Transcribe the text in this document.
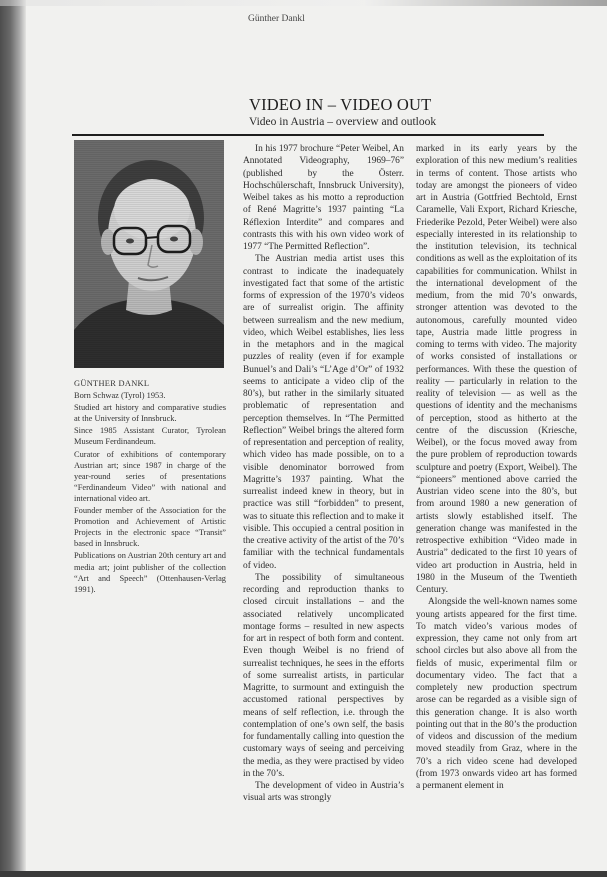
Günther Dankl
VIDEO IN – VIDEO OUT
Video in Austria – overview and outlook

GÜNTHER DANKL

Born Schwaz (Tyrol) 1953.

Studied art history and comparative studies at the University of Innsbruck.

Since 1985 Assistant Curator, Tyrolean Museum Ferdinandeum.

Curator of exhibitions of contemporary Austrian art; since 1987 in charge of the year-round series of presentations “Ferdinandeum Video” with national and international video art.

Founder member of the Association for the Promotion and Achievement of Artistic Projects in the electronic space “Transit” based in Innsbruck.

Publications on Austrian 20th century art and media art; joint publisher of the collection “Art and Speech” (Ottenhausen-Verlag 1991).

In his 1977 brochure “Peter Weibel, An Annotated Videography, 1969–76” (published by the Österr. Hochschülerschaft, Innsbruck University), Weibel takes as his motto a reproduction of René Magritte’s 1937 painting “La Réflexion Interdite” and compares and contrasts this with his own video work of 1977 “The Permitted Reflection”.

The Austrian media artist uses this contrast to indicate the inadequately investigated fact that some of the artistic forms of expression of the 1970’s videos are of surrealist origin. The affinity between surrealism and the new medium, video, which Weibel establishes, lies less in the metaphors and in the magical puzzles of reality (even if for example Bunuel’s and Dali’s “L’Age d’Or” of 1932 seems to anticipate a video clip of the 80’s), but rather in the similarly situated problematic of representation and perception themselves. In “The Permitted Reflection” Weibel brings the altered form of representation and perception of reality, which video has made possible, on to a visible denominator borrowed from Magritte’s 1937 painting. What the surrealist indeed knew in theory, but in practice was still “forbidden” to present, was to situate this reflection and to make it visible. This occupied a central position in the creative activity of the artist of the 70’s familiar with the technical fundamentals of video.

The possibility of simultaneous recording and reproduction thanks to closed circuit installations – and the associated relatively uncomplicated montage forms – resulted in new aspects for art in respect of both form and content. Even though Weibel is no friend of surrealist techniques, he sees in the efforts of some surrealist artists, in particular Magritte, to surmount and extinguish the accustomed rational perspectives by means of self reflection, i.e. through the contemplation of one’s own self, the basis for fundamentally calling into question the customary ways of seeing and perceiving the media, as they were practised by video in the 70’s.

The development of video in Austria’s visual arts was strongly

marked in its early years by the exploration of this new medium’s realities in terms of content. Those artists who today are amongst the pioneers of video art in Austria (Gottfried Bechtold, Ernst Caramelle, Vali Export, Richard Kriesche, Friederike Pezold, Peter Weibel) were also especially interested in its relationship to the institution television, its technical conditions as well as the exploitation of its capabilities for communication. Whilst in the international development of the medium, from the mid 70’s onwards, stronger attention was devoted to the autonomous, carefully mounted video tape, Austria made little progress in coming to terms with video. The majority of works consisted of installations or performances. With these the question of reality — particularly in relation to the reality of television — as well as the questions of identity and the mechanisms of perception, stood as hitherto at the centre of the discussion (Kriesche, Weibel), or the focus moved away from the pure problem of reproduction towards sculpture and poetry (Export, Weibel). The “pioneers” mentioned above carried the Austrian video scene into the 80’s, but from around 1980 a new generation of artists slowly established itself. The generation change was manifested in the retrospective exhibition “Video made in Austria” dedicated to the first 10 years of video art production in Austria, held in 1980 in the Museum of the Twentieth Century.

Alongside the well-known names some young artists appeared for the first time. To match video’s various modes of expression, they came not only from art school circles but also above all from the fields of music, experimental film or documentary video. The fact that a completely new production spectrum arose can be regarded as a visible sign of this generation change. It is also worth pointing out that in the 80’s the production of videos and discussion of the medium moved steadily from Graz, where in the 70’s a rich video scene had developed (from 1973 onwards video art has formed a permanent element in
